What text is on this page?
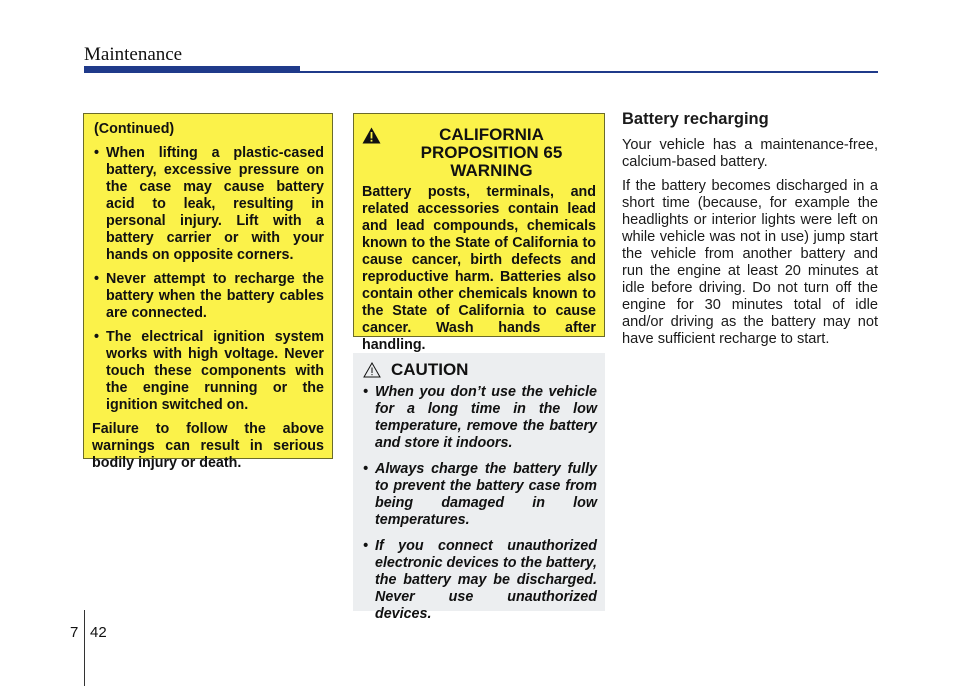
Maintenance
(Continued)
• When lifting a plastic-cased battery, excessive pressure on the case may cause battery acid to leak, resulting in personal injury. Lift with a battery carrier or with your hands on opposite corners.
• Never attempt to recharge the battery when the battery cables are connected.
• The electrical ignition system works with high voltage. Never touch these components with the engine running or the ignition switched on.
Failure to follow the above warnings can result in serious bodily injury or death.
CALIFORNIA PROPOSITION 65 WARNING
Battery posts, terminals, and related accessories contain lead and lead compounds, chemicals known to the State of California to cause cancer, birth defects and reproductive harm. Batteries also contain other chemicals known to the State of California to cause cancer. Wash hands after handling.
CAUTION
• When you don’t use the vehicle for a long time in the low temperature, remove the battery and store it indoors.
• Always charge the battery fully to prevent the battery case from being damaged in low temperatures.
• If you connect unauthorized electronic devices to the battery, the battery may be discharged. Never use unauthorized devices.
Battery recharging

Your vehicle has a maintenance-free, calcium-based battery.

If the battery becomes discharged in a short time (because, for example the headlights or interior lights were left on while vehicle was not in use) jump start the vehicle from another battery and run the engine at least 20 minutes at idle before driving. Do not turn off the engine for 30 minutes total of idle and/or driving as the battery may not have sufficient recharge to start.

7 42
